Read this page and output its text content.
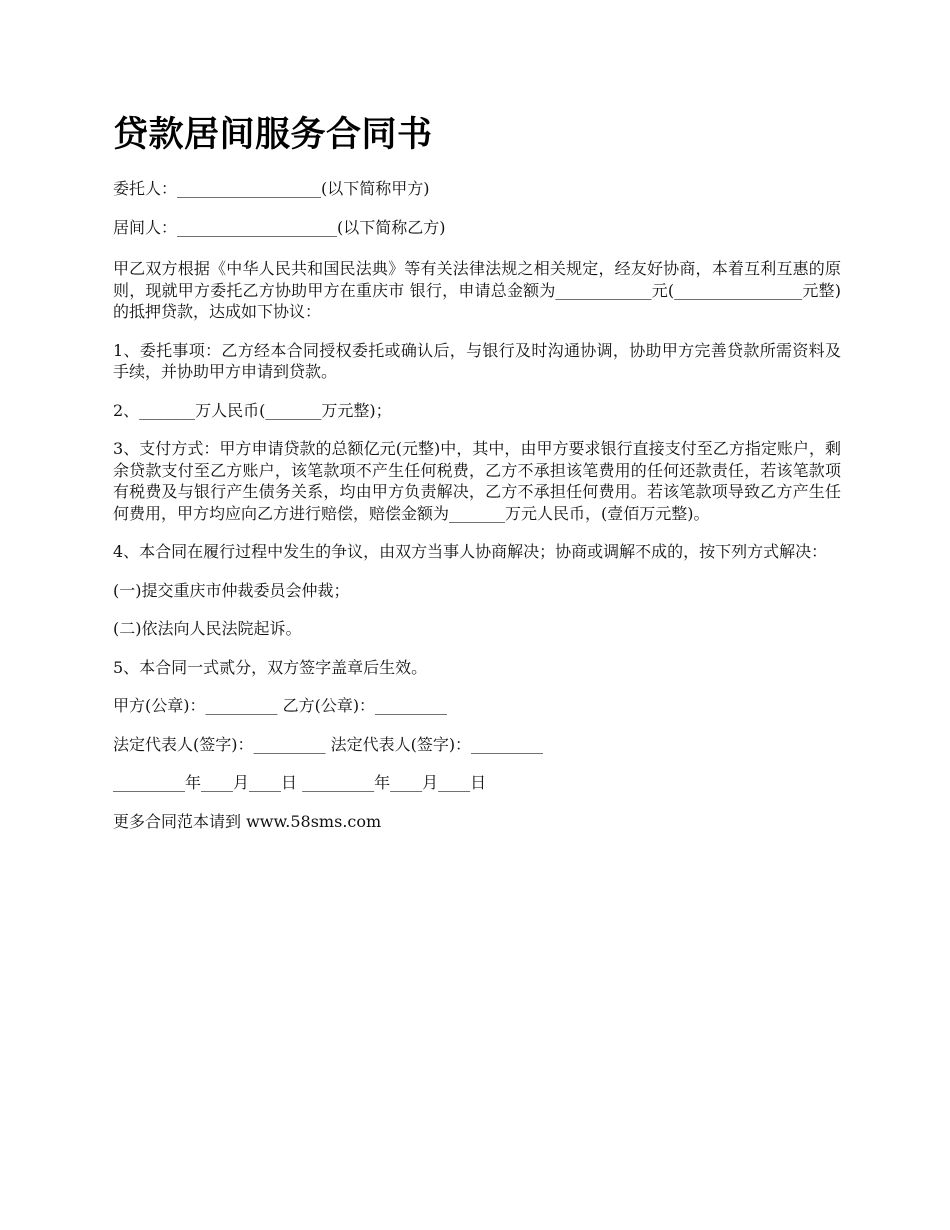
贷款居间服务合同书

委托人：__________________(以下简称甲方)

居间人：____________________(以下简称乙方)

甲乙双方根据《中华人民共和国民法典》等有关法律法规之相关规定，经友好协商，本着互利互惠的原则，现就甲方委托乙方协助甲方在重庆市 银行，申请总金额为____________元(________________元整)的抵押贷款，达成如下协议：

1、委托事项：乙方经本合同授权委托或确认后，与银行及时沟通协调，协助甲方完善贷款所需资料及手续，并协助甲方申请到贷款。

2、_______万人民币(_______万元整)；

3、支付方式：甲方申请贷款的总额亿元(元整)中，其中，由甲方要求银行直接支付至乙方指定账户，剩余贷款支付至乙方账户，该笔款项不产生任何税费，乙方不承担该笔费用的任何还款责任，若该笔款项有税费及与银行产生债务关系，均由甲方负责解决，乙方不承担任何费用。若该笔款项导致乙方产生任何费用，甲方均应向乙方进行赔偿，赔偿金额为_______万元人民币，(壹佰万元整)。

4、本合同在履行过程中发生的争议，由双方当事人协商解决；协商或调解不成的，按下列方式解决：

(一)提交重庆市仲裁委员会仲裁；

(二)依法向人民法院起诉。

5、本合同一式贰分，双方签字盖章后生效。

甲方(公章)：_________ 乙方(公章)：_________

法定代表人(签字)：_________ 法定代表人(签字)：_________

_________年____月____日 _________年____月____日

更多合同范本请到 www.58sms.com
